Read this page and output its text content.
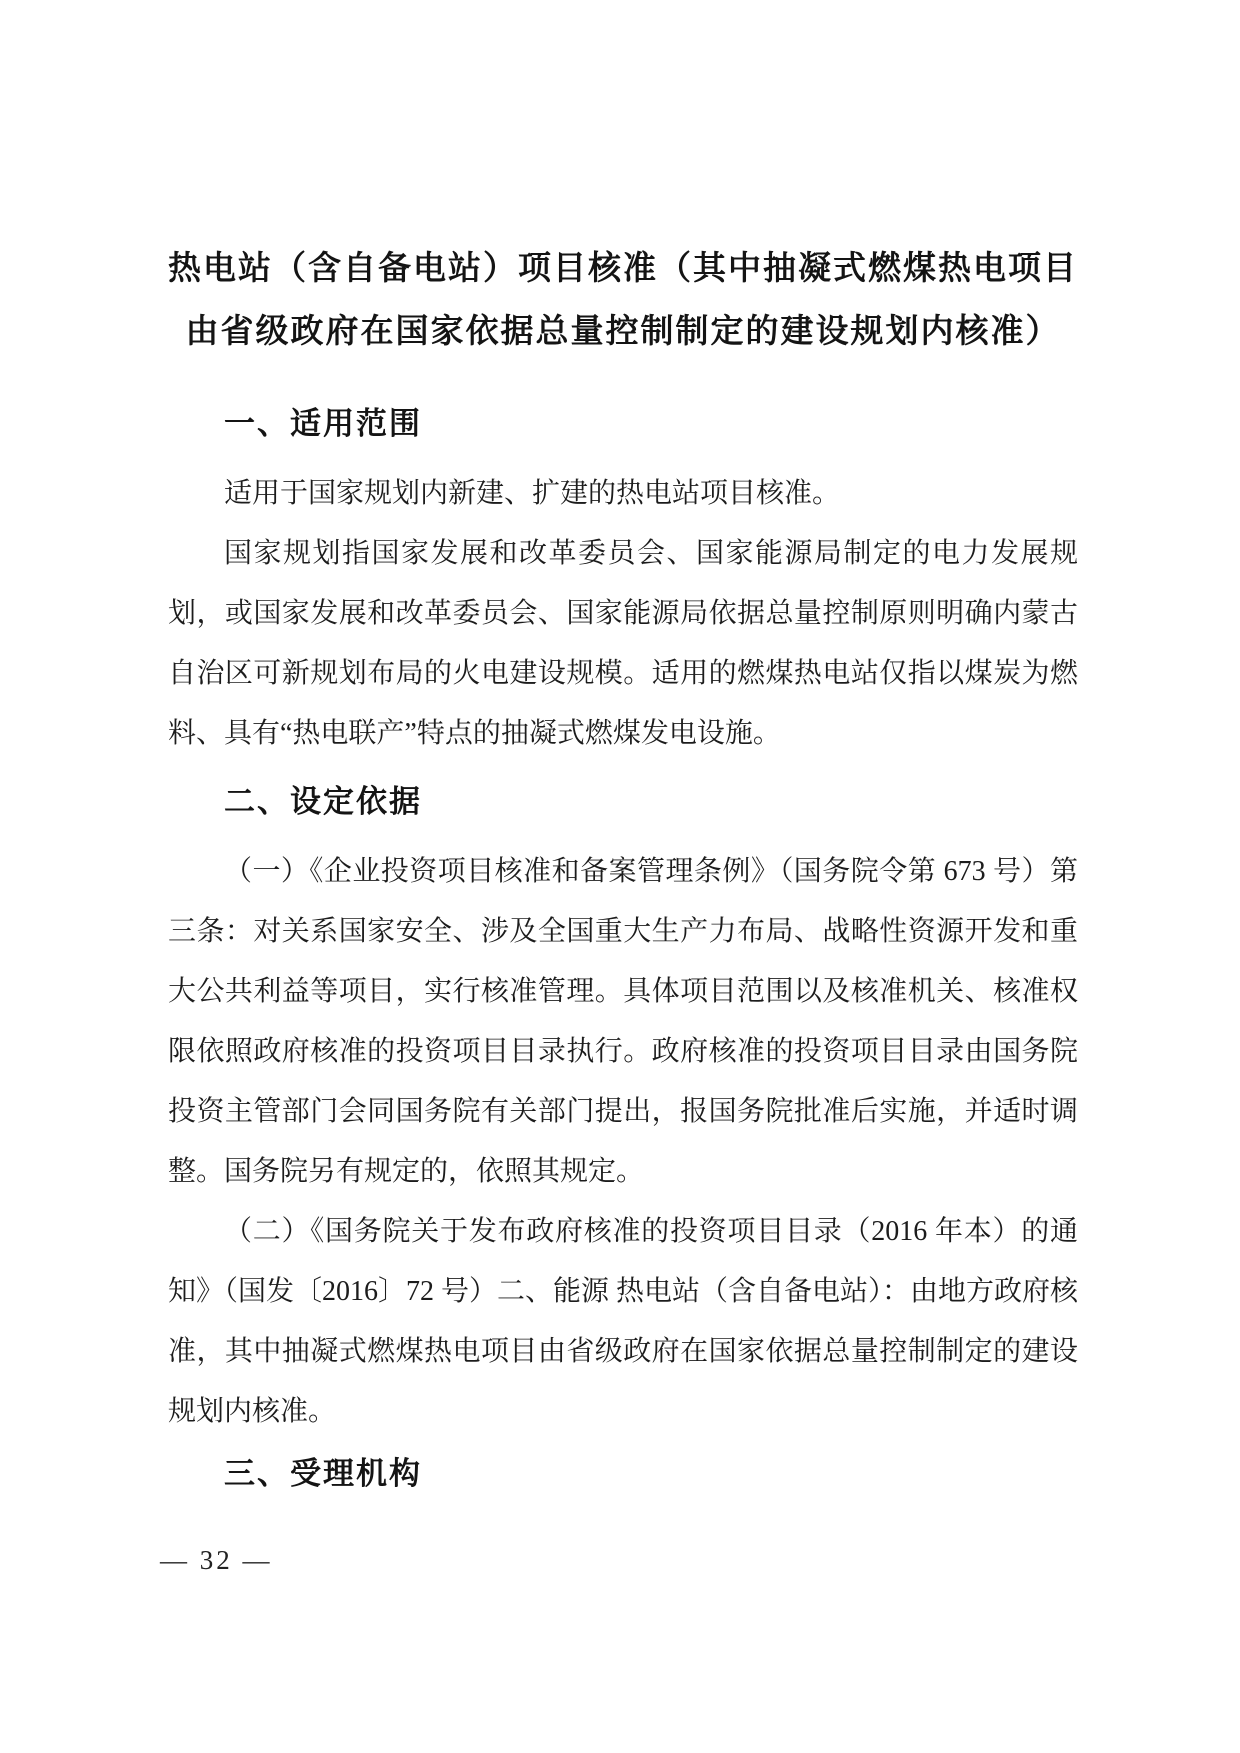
热电站（含自备电站）项目核准（其中抽凝式燃煤热电项目
由省级政府在国家依据总量控制制定的建设规划内核准）
一、适用范围

适用于国家规划内新建、扩建的热电站项目核准。

国家规划指国家发展和改革委员会、国家能源局制定的电力发展规划，或国家发展和改革委员会、国家能源局依据总量控制原则明确内蒙古自治区可新规划布局的火电建设规模。适用的燃煤热电站仅指以煤炭为燃料、具有“热电联产”特点的抽凝式燃煤发电设施。

二、设定依据

（一）《企业投资项目核准和备案管理条例》（国务院令第 673 号）第三条：对关系国家安全、涉及全国重大生产力布局、战略性资源开发和重大公共利益等项目，实行核准管理。具体项目范围以及核准机关、核准权限依照政府核准的投资项目目录执行。政府核准的投资项目目录由国务院投资主管部门会同国务院有关部门提出，报国务院批准后实施，并适时调整。国务院另有规定的，依照其规定。

（二）《国务院关于发布政府核准的投资项目目录（2016 年本）的通知》（国发〔2016〕72 号）二、能源 热电站（含自备电站）：由地方政府核准，其中抽凝式燃煤热电项目由省级政府在国家依据总量控制制定的建设规划内核准。

三、受理机构
— 32 —
